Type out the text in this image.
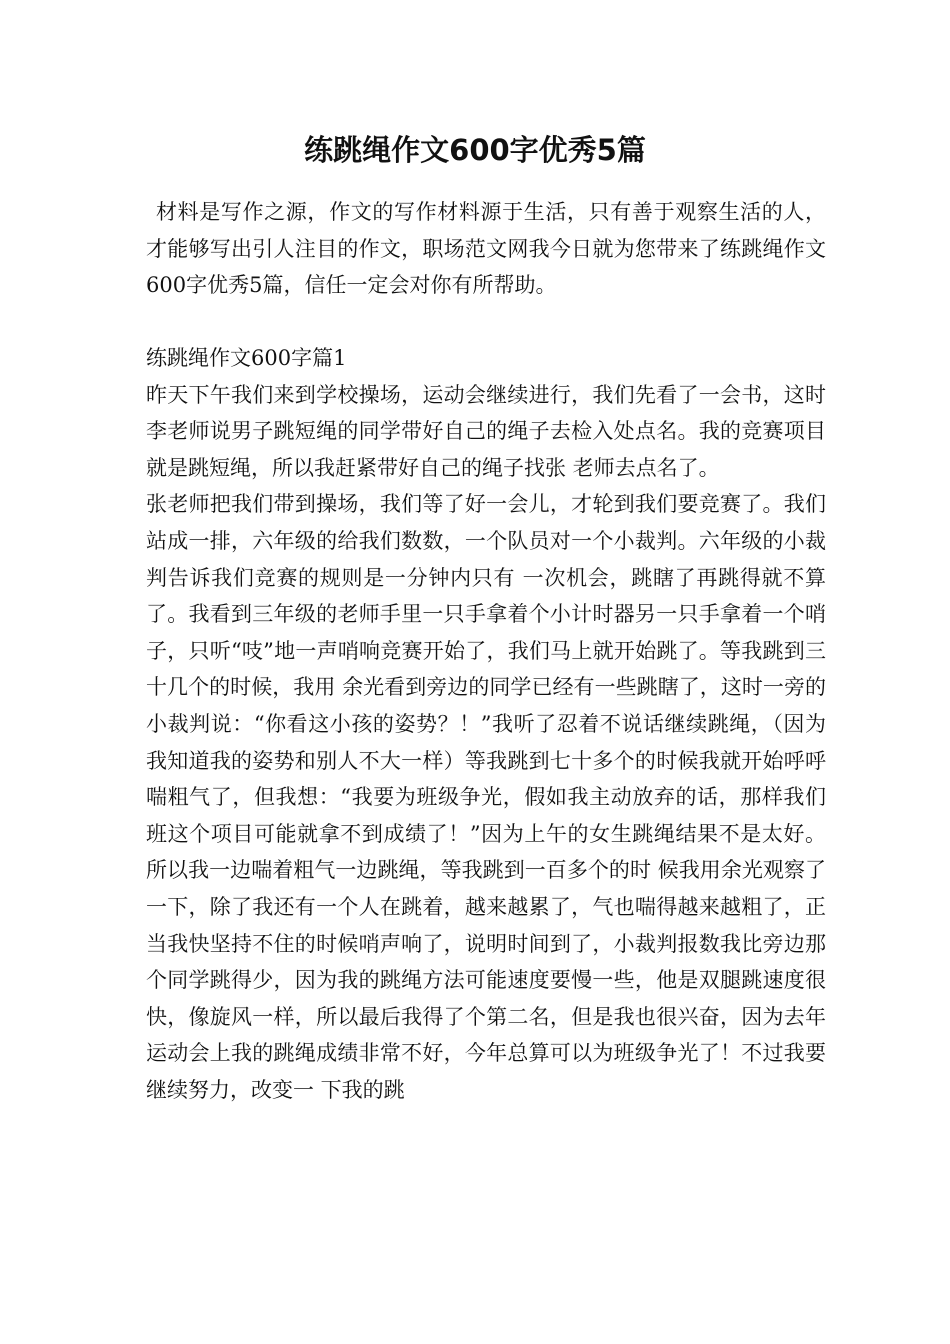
练跳绳作文600字优秀5篇
材料是写作之源，作文的写作材料源于生活，只有善于观察生活的人，才能够写出引人注目的作文，职场范文网我今日就为您带来了练跳绳作文600字优秀5篇，信任一定会对你有所帮助。

练跳绳作文600字篇1

昨天下午我们来到学校操场，运动会继续进行，我们先看了一会书，这时李老师说男子跳短绳的同学带好自己的绳子去检入处点名。我的竞赛项目就是跳短绳，所以我赶紧带好自己的绳子找张 老师去点名了。

张老师把我们带到操场，我们等了好一会儿，才轮到我们要竞赛了。我们站成一排，六年级的给我们数数，一个队员对一个小裁判。六年级的小裁判告诉我们竞赛的规则是一分钟内只有 一次机会，跳瞎了再跳得就不算了。我看到三年级的老师手里一只手拿着个小计时器另一只手拿着一个哨子，只听“吱”地一声哨响竞赛开始了，我们马上就开始跳了。等我跳到三十几个的时候，我用 余光看到旁边的同学已经有一些跳瞎了，这时一旁的小裁判说：“你看这小孩的姿势？！”我听了忍着不说话继续跳绳，（因为我知道我的姿势和别人不大一样）等我跳到七十多个的时候我就开始呼呼 喘粗气了，但我想：“我要为班级争光，假如我主动放弃的话，那样我们班这个项目可能就拿不到成绩了！”因为上午的女生跳绳结果不是太好。所以我一边喘着粗气一边跳绳，等我跳到一百多个的时 候我用余光观察了一下，除了我还有一个人在跳着，越来越累了，气也喘得越来越粗了，正当我快坚持不住的时候哨声响了，说明时间到了，小裁判报数我比旁边那个同学跳得少，因为我的跳绳方法可能速度要慢一些，他是双腿跳速度很快，像旋风一样，所以最后我得了个第二名，但是我也很兴奋，因为去年运动会上我的跳绳成绩非常不好，今年总算可以为班级争光了！不过我要继续努力，改变一 下我的跳
